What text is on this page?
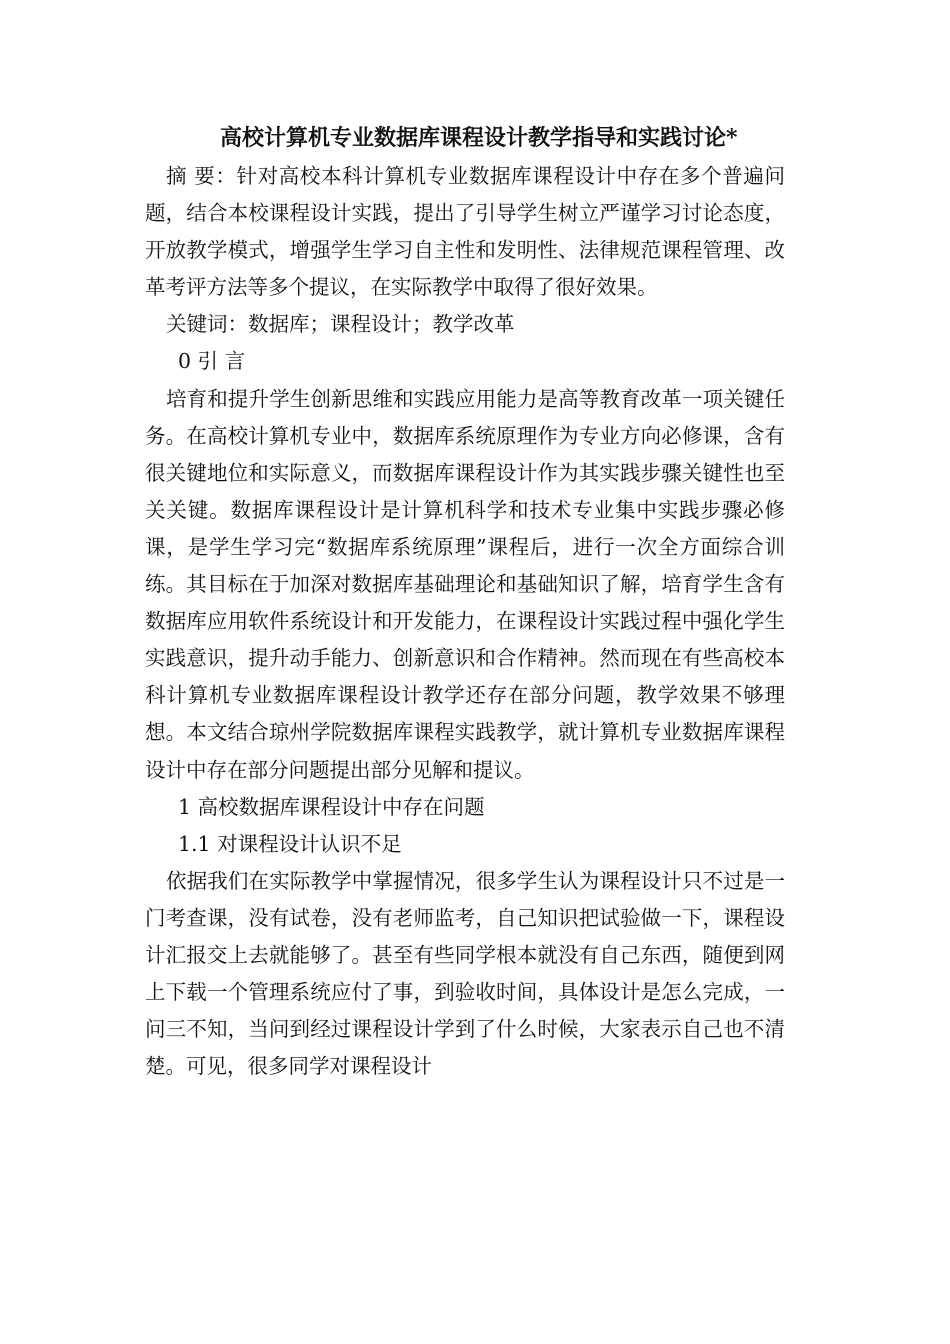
高校计算机专业数据库课程设计教学指导和实践讨论*

摘 要：针对高校本科计算机专业数据库课程设计中存在多个普遍问题，结合本校课程设计实践，提出了引导学生树立严谨学习讨论态度，开放教学模式，增强学生学习自主性和发明性、法律规范课程管理、改革考评方法等多个提议，在实际教学中取得了很好效果。

关键词：数据库；课程设计；教学改革

0 引 言

培育和提升学生创新思维和实践应用能力是高等教育改革一项关键任务。在高校计算机专业中，数据库系统原理作为专业方向必修课，含有很关键地位和实际意义，而数据库课程设计作为其实践步骤关键性也至关关键。数据库课程设计是计算机科学和技术专业集中实践步骤必修课，是学生学习完“数据库系统原理”课程后，进行一次全方面综合训练。其目标在于加深对数据库基础理论和基础知识了解，培育学生含有数据库应用软件系统设计和开发能力，在课程设计实践过程中强化学生实践意识，提升动手能力、创新意识和合作精神。然而现在有些高校本科计算机专业数据库课程设计教学还存在部分问题，教学效果不够理想。本文结合琼州学院数据库课程实践教学，就计算机专业数据库课程设计中存在部分问题提出部分见解和提议。

1 高校数据库课程设计中存在问题

1.1 对课程设计认识不足

依据我们在实际教学中掌握情况，很多学生认为课程设计只不过是一门考查课，没有试卷，没有老师监考，自己知识把试验做一下，课程设计汇报交上去就能够了。甚至有些同学根本就没有自己东西，随便到网上下载一个管理系统应付了事，到验收时间，具体设计是怎么完成，一问三不知，当问到经过课程设计学到了什么时候，大家表示自己也不清楚。可见，很多同学对课程设计
